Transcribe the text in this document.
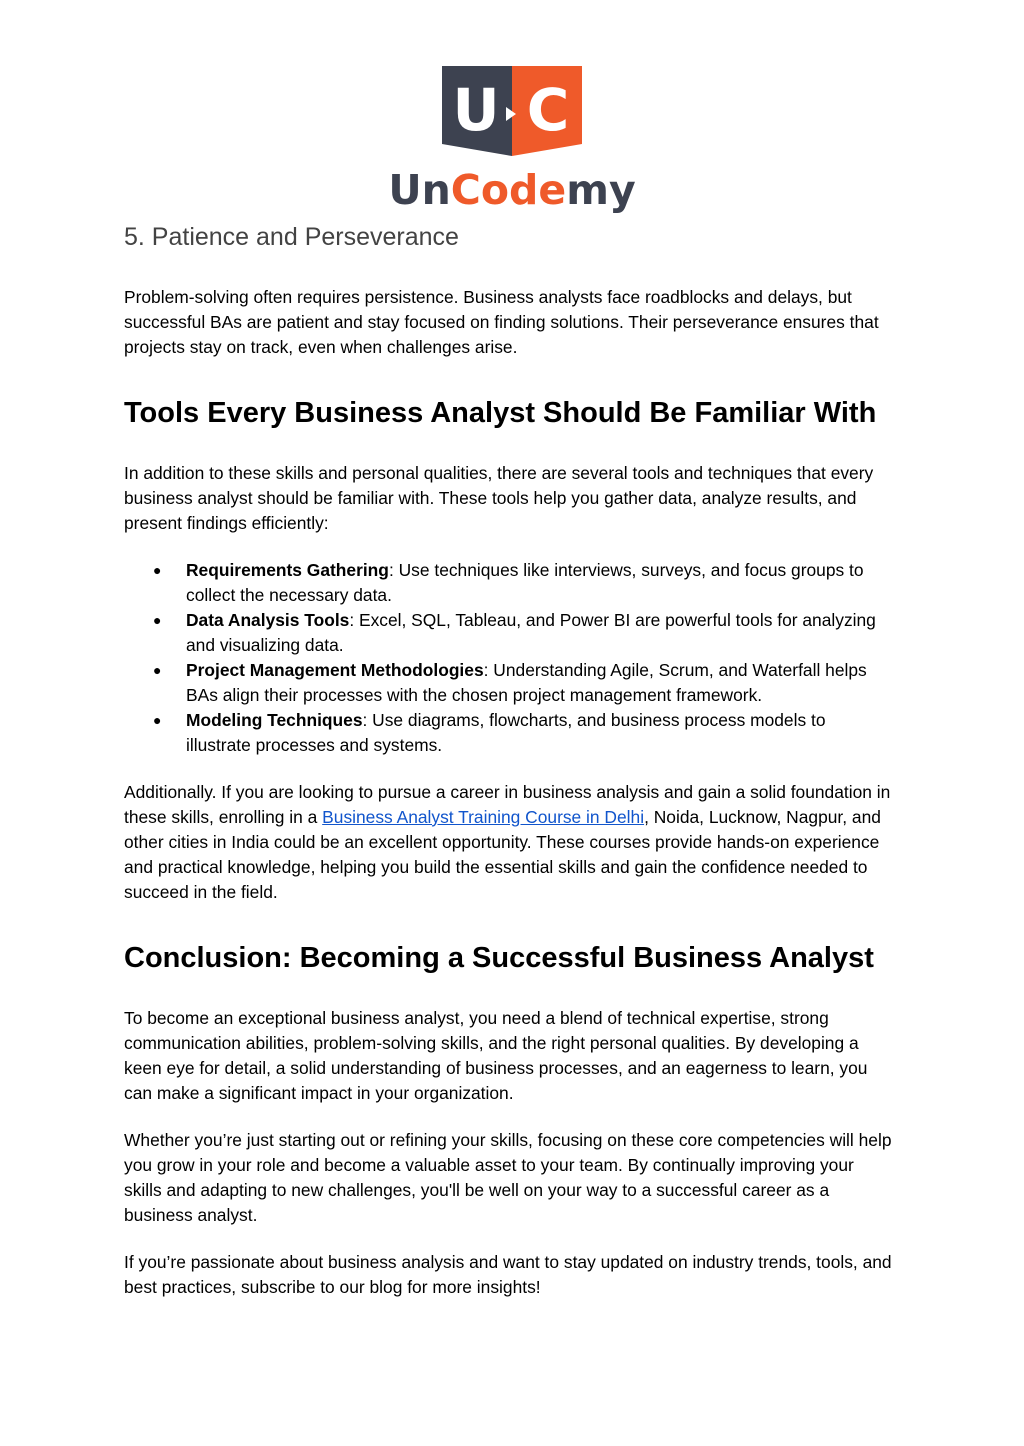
U C
UnCodemy
5. Patience and Perseverance

Problem-solving often requires persistence. Business analysts face roadblocks and delays, but successful BAs are patient and stay focused on finding solutions. Their perseverance ensures that projects stay on track, even when challenges arise.

Tools Every Business Analyst Should Be Familiar With

In addition to these skills and personal qualities, there are several tools and techniques that every business analyst should be familiar with. These tools help you gather data, analyze results, and present findings efficiently:

● Requirements Gathering: Use techniques like interviews, surveys, and focus groups to collect the necessary data.
● Data Analysis Tools: Excel, SQL, Tableau, and Power BI are powerful tools for analyzing and visualizing data.
● Project Management Methodologies: Understanding Agile, Scrum, and Waterfall helps BAs align their processes with the chosen project management framework.
● Modeling Techniques: Use diagrams, flowcharts, and business process models to illustrate processes and systems.

Additionally. If you are looking to pursue a career in business analysis and gain a solid foundation in these skills, enrolling in a Business Analyst Training Course in Delhi, Noida, Lucknow, Nagpur, and other cities in India could be an excellent opportunity. These courses provide hands-on experience and practical knowledge, helping you build the essential skills and gain the confidence needed to succeed in the field.

Conclusion: Becoming a Successful Business Analyst

To become an exceptional business analyst, you need a blend of technical expertise, strong communication abilities, problem-solving skills, and the right personal qualities. By developing a keen eye for detail, a solid understanding of business processes, and an eagerness to learn, you can make a significant impact in your organization.

Whether you’re just starting out or refining your skills, focusing on these core competencies will help you grow in your role and become a valuable asset to your team. By continually improving your skills and adapting to new challenges, you'll be well on your way to a successful career as a business analyst.

If you’re passionate about business analysis and want to stay updated on industry trends, tools, and best practices, subscribe to our blog for more insights!
